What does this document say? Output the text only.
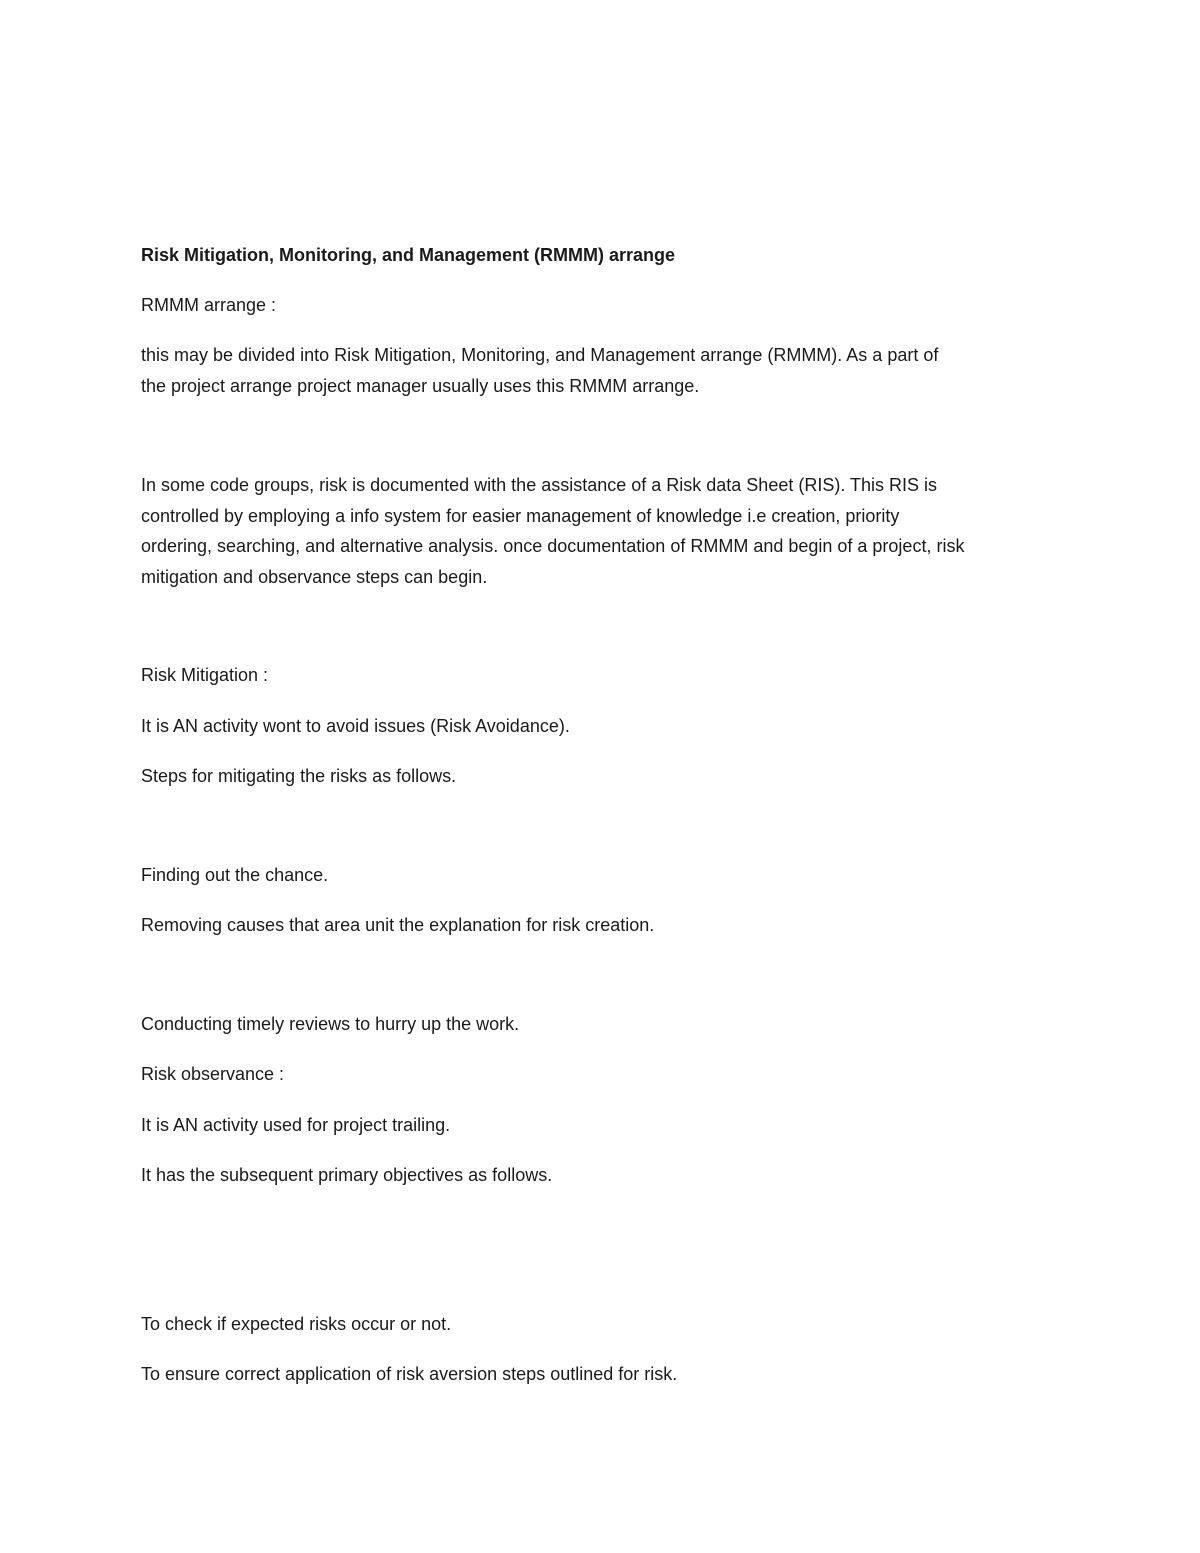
Risk Mitigation, Monitoring, and Management (RMMM) arrange

RMMM arrange :

this may be divided into Risk Mitigation, Monitoring, and Management arrange (RMMM). As a part of

the project arrange project manager usually uses this RMMM arrange.

In some code groups, risk is documented with the assistance of a Risk data Sheet (RIS). This RIS is

controlled by employing a info system for easier management of knowledge i.e creation, priority

ordering, searching, and alternative analysis. once documentation of RMMM and begin of a project, risk

mitigation and observance steps can begin.

Risk Mitigation :

It is AN activity wont to avoid issues (Risk Avoidance).

Steps for mitigating the risks as follows.

Finding out the chance.

Removing causes that area unit the explanation for risk creation.

Conducting timely reviews to hurry up the work.

Risk observance :

It is AN activity used for project trailing.

It has the subsequent primary objectives as follows.

To check if expected risks occur or not.

To ensure correct application of risk aversion steps outlined for risk.
